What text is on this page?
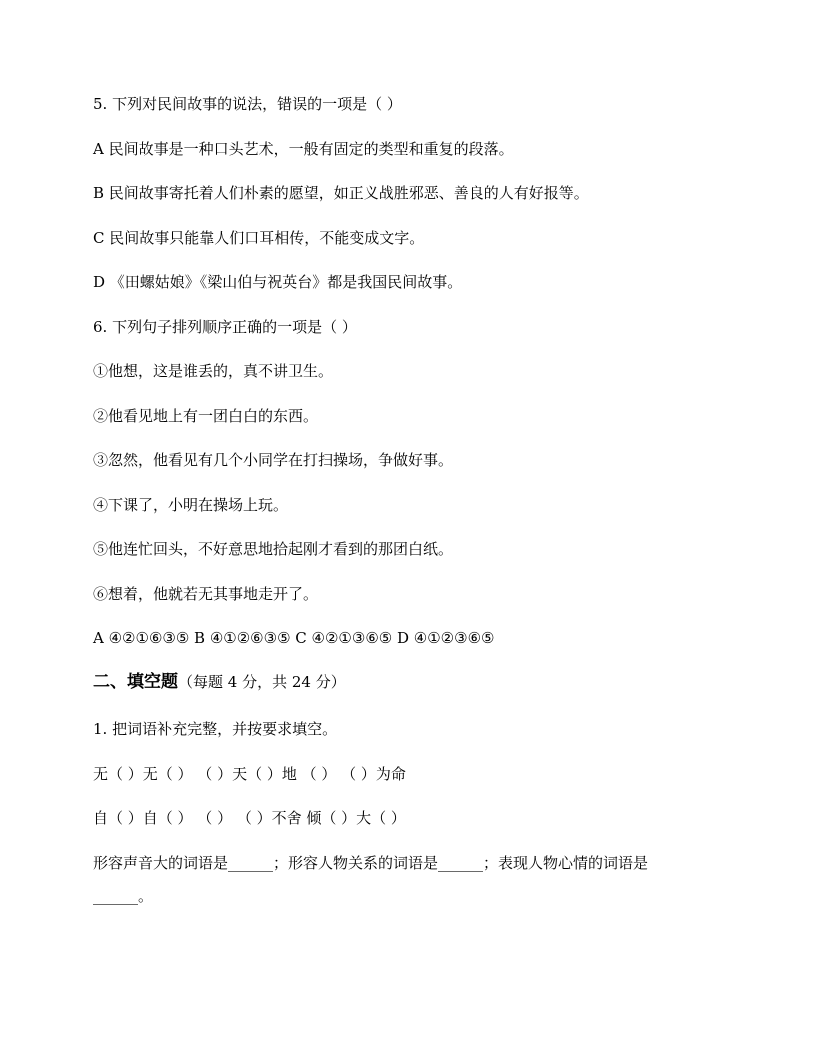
5. 下列对民间故事的说法，错误的一项是（ ）
A 民间故事是一种口头艺术，一般有固定的类型和重复的段落。
B 民间故事寄托着人们朴素的愿望，如正义战胜邪恶、善良的人有好报等。
C 民间故事只能靠人们口耳相传，不能变成文字。
D 《田螺姑娘》《梁山伯与祝英台》都是我国民间故事。
6. 下列句子排列顺序正确的一项是（ ）
①他想，这是谁丢的，真不讲卫生。
②他看见地上有一团白白的东西。
③忽然，他看见有几个小同学在打扫操场，争做好事。
④下课了，小明在操场上玩。
⑤他连忙回头，不好意思地拾起刚才看到的那团白纸。
⑥想着，他就若无其事地走开了。
A ④②①⑥③⑤ B ④①②⑥③⑤ C ④②①③⑥⑤ D ④①②③⑥⑤
二、填空题（每题 4 分，共 24 分）
1. 把词语补充完整，并按要求填空。
无（ ）无（ ） （ ）天（ ）地 （ ） （ ）为命
自（ ）自（ ） （ ） （ ）不舍 倾（ ）大（ ）
形容声音大的词语是______；形容人物关系的词语是______；表现人物心情的词语是
______。
